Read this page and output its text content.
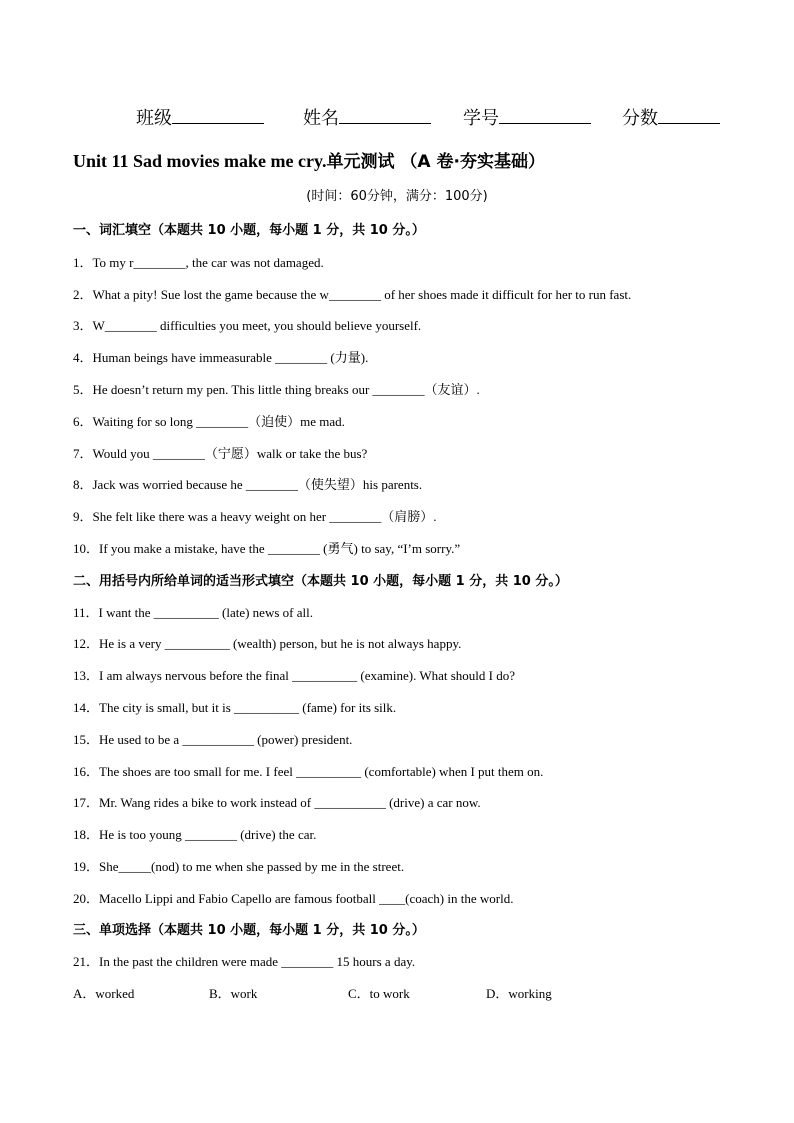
班级	姓名	学号	分数
Unit 11 Sad movies make me cry.单元测试 （A 卷·夯实基础）
(时间：60分钟，满分：100分)
一、词汇填空（本题共 10 小题，每小题 1 分，共 10 分。）
1．To my r________, the car was not damaged.
2．What a pity! Sue lost the game because the w________ of her shoes made it difficult for her to run fast.
3．W________ difficulties you meet, you should believe yourself.
4．Human beings have immeasurable ________ (力量).
5．He doesn’t return my pen. This little thing breaks our ________（友谊）.
6．Waiting for so long ________（迫使）me mad.
7．Would you ________（宁愿）walk or take the bus?
8．Jack was worried because he ________（使失望）his parents.
9．She felt like there was a heavy weight on her ________（肩膀）.
10．If you make a mistake, have the ________ (勇气) to say, “I’m sorry.”
二、用括号内所给单词的适当形式填空（本题共 10 小题，每小题 1 分，共 10 分。）
11．I want the __________ (late) news of all.
12．He is a very __________ (wealth) person, but he is not always happy.
13．I am always nervous before the final __________ (examine). What should I do?
14．The city is small, but it is __________ (fame) for its silk.
15．He used to be a ___________ (power) president.
16．The shoes are too small for me. I feel __________ (comfortable) when I put them on.
17．Mr. Wang rides a bike to work instead of ___________ (drive) a car now.
18．He is too young ________ (drive) the car.
19．She_____(nod) to me when she passed by me in the street.
20．Macello Lippi and Fabio Capello are famous football ____(coach) in the world.
三、单项选择（本题共 10 小题，每小题 1 分，共 10 分。）
21．In the past the children were made ________ 15 hours a day.
A．worked	B．work	C．to work	D．working
